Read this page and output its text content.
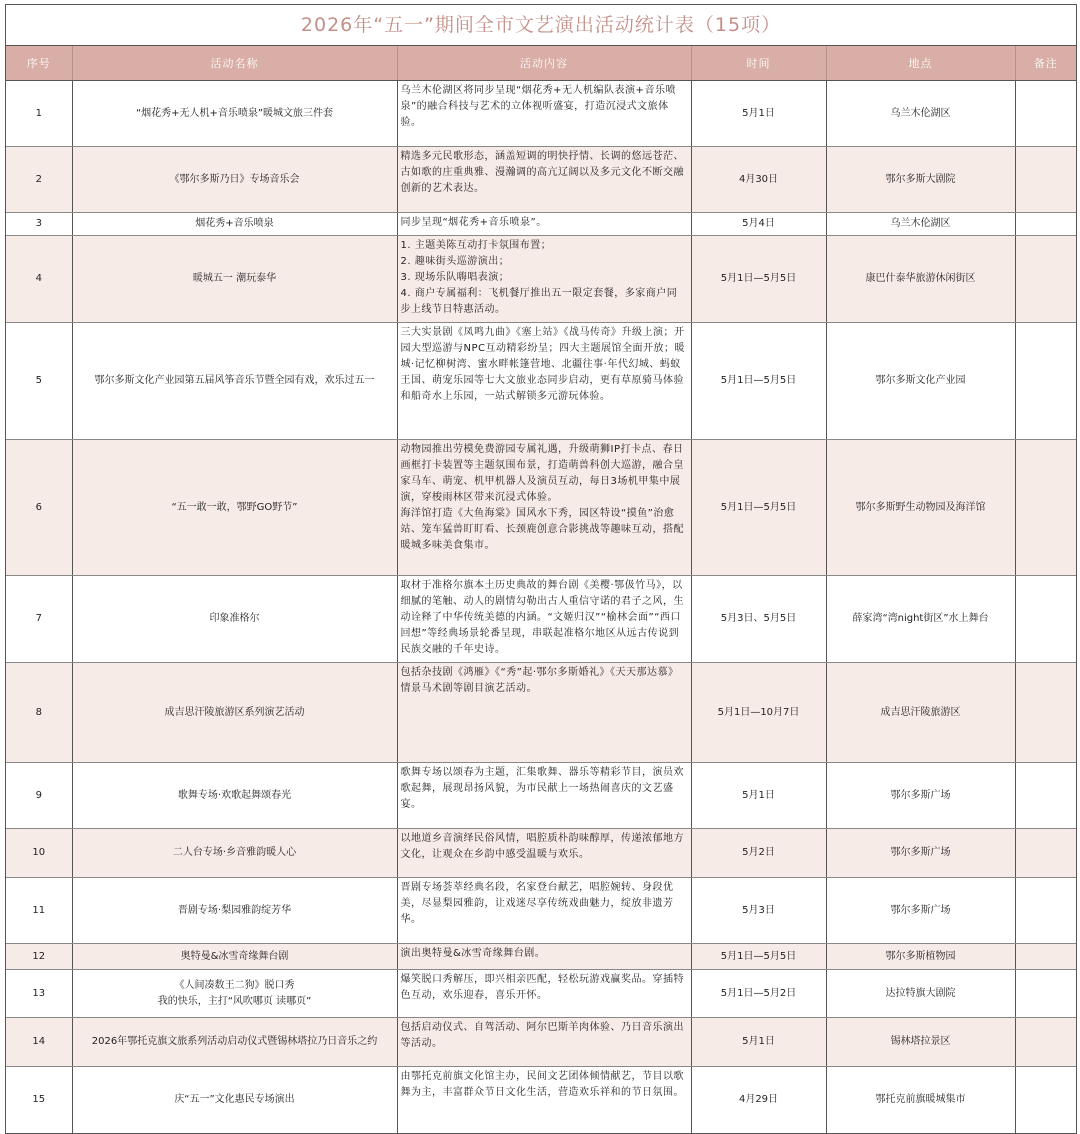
2026年“五一”期间全市文艺演出活动统计表（15项）
序号	活动名称	活动内容	时间	地点	备注
1	“烟花秀+无人机+音乐喷泉”暖城文旅三件套	乌兰木伦湖区将同步呈现“烟花秀+无人机编队表演+音乐喷泉”的融合科技与艺术的立体视听盛宴，打造沉浸式文旅体验。	5月1日	乌兰木伦湖区	
2	《鄂尔多斯乃日》专场音乐会	精选多元民歌形态，涵盖短调的明快抒情、长调的悠远苍茫、古如歌的庄重典雅、漫瀚调的高亢辽阔以及多元文化不断交融创新的艺术表达。	4月30日	鄂尔多斯大剧院	
3	烟花秀+音乐喷泉	同步呈现“烟花秀+音乐喷泉”。	5月4日	乌兰木伦湖区	
4	暖城五一 潮玩泰华	1. 主题美陈互动打卡氛围布置；
2. 趣味街头巡游演出；
3. 现场乐队嗨唱表演；
4. 商户专属福利：飞机餐厅推出五一限定套餐，多家商户同步上线节日特惠活动。	5月1日—5月5日	康巴什泰华旅游休闲街区	
5	鄂尔多斯文化产业园第五届风筝音乐节暨全园有戏，欢乐过五一	三大实景剧《凤鸣九曲》《塞上站》《战马传奇》升级上演；开园大型巡游与NPC互动精彩纷呈；四大主题展馆全面开放；暖城·记忆柳树湾、蜜水畔帐篷营地、北疆往事·年代幻城、蚂蚁王国、萌宠乐园等七大文旅业态同步启动，更有草原骑马体验和船奇水上乐园，一站式解锁多元游玩体验。	5月1日—5月5日	鄂尔多斯文化产业园	
6	“五一敢一敢，鄂野GO野节”	动物园推出劳模免费游园专属礼遇，升级萌狮IP打卡点、春日画框打卡装置等主题氛围布景，打造萌兽科创大巡游，融合皇家马车、萌宠、机甲机器人及演员互动，每日3场机甲集中展演，穿梭雨林区带来沉浸式体验。
海洋馆打造《大鱼海棠》国风水下秀，园区特设“摸鱼”治愈站、笼车猛兽盯盯看、长颈鹿创意合影挑战等趣味互动，搭配暖城多味美食集市。	5月1日—5月5日	鄂尔多斯野生动物园及海洋馆	
7	印象准格尔	取材于准格尔旗本土历史典故的舞台剧《美樱·鄂伋竹马》，以细腻的笔触、动人的剧情勾勒出古人重信守诺的君子之风，生动诠释了中华传统美德的内涵。“文姬归汉”“榆林会面”“西口回想”等经典场景轮番呈现，串联起准格尔地区从远古传说到民族交融的千年史诗。	5月3日、5月5日	薛家湾“湾night街区”水上舞台	
8	成吉思汗陵旅游区系列演艺活动	包括杂技剧《鸿雁》《“秀”起·鄂尔多斯婚礼》《天天那达慕》情景马术剧等剧目演艺活动。	5月1日—10月7日	成吉思汗陵旅游区	
9	歌舞专场·欢歌起舞颂春光	歌舞专场以颂春为主题，汇集歌舞、器乐等精彩节目，演员欢歌起舞，展现昂扬风貌，为市民献上一场热闹喜庆的文艺盛宴。	5月1日	鄂尔多斯广场	
10	二人台专场·乡音雅韵暖人心	以地道乡音演绎民俗风情，唱腔质朴韵味醇厚，传递浓郁地方文化，让观众在乡韵中感受温暖与欢乐。	5月2日	鄂尔多斯广场	
11	晋剧专场·梨园雅韵绽芳华	晋剧专场荟萃经典名段，名家登台献艺，唱腔婉转、身段优美，尽显梨园雅韵，让戏迷尽享传统戏曲魅力，绽放非遗芳华。	5月3日	鄂尔多斯广场	
12	奥特曼&冰雪奇缘舞台剧	演出奥特曼&冰雪奇缘舞台剧。	5月1日—5月5日	鄂尔多斯植物园	
13	《人间凑数王二狗》脱口秀
我的快乐，主打“风吹哪页 读哪页”	爆笑脱口秀解压，即兴相亲匹配，轻松玩游戏赢奖品。穿插特色互动，欢乐迎春，喜乐开怀。	5月1日—5月2日	达拉特旗大剧院	
14	2026年鄂托克旗文旅系列活动启动仪式暨锡林塔拉乃日音乐之约	包括启动仪式、自驾活动、阿尔巴斯羊肉体验、乃日音乐演出等活动。	5月1日	锡林塔拉景区	
15	庆“五一”文化惠民专场演出	由鄂托克前旗文化馆主办，民间文艺团体倾情献艺，节目以歌舞为主，丰富群众节日文化生活，营造欢乐祥和的节日氛围。	4月29日	鄂托克前旗暖城集市	
